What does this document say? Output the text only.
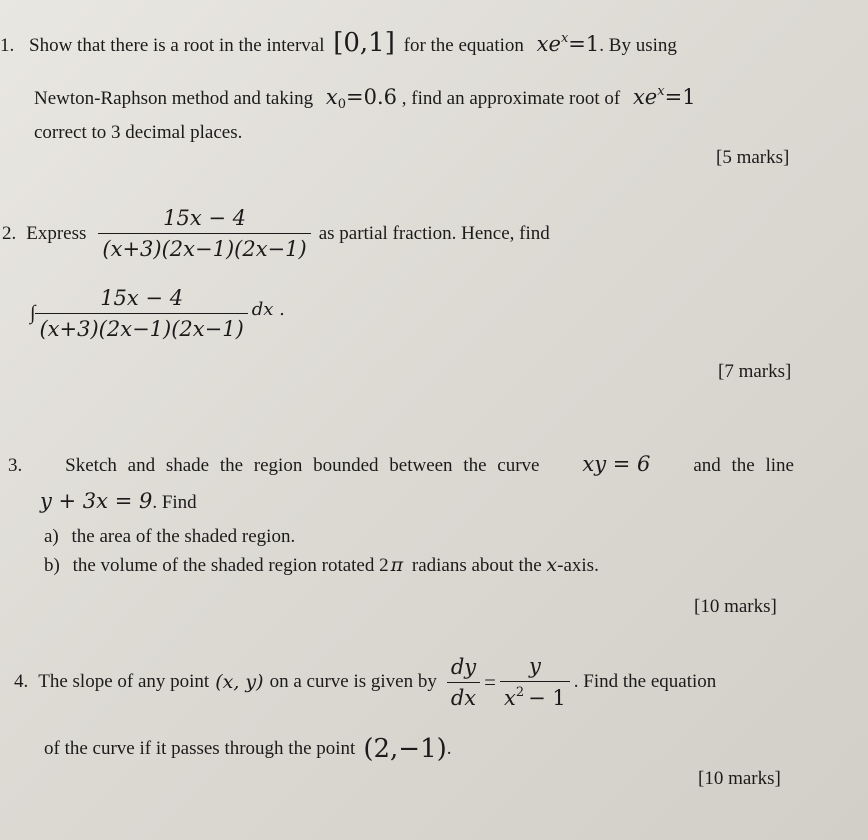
1. Show that there is a root in the interval [0,1] for the equation $xe^x=1$. By using
Newton-Raphson method and taking $x_0=0.6$ , find an approximate root of $xe^x=1$
correct to 3 decimal places.
[5 marks]
2. Express $\frac{15x - 4}{(x+3)(2x-1)(2x-1)}$ as partial fraction. Hence, find
∫ $\frac{15x - 4}{(x+3)(2x-1)(2x-1)}$ dx .
[7 marks]
3. Sketch and shade the region bounded between the curve xy = 6 and the line
y + 3x = 9. Find
a) the area of the shaded region.
b) the volume of the shaded region rotated 2 π radians about the x-axis.
[10 marks]
4. The slope of any point (x, y) on a curve is given by $\frac{dy}{dx} = \frac{y}{x^2 - 1}$ . Find the equation
of the curve if it passes through the point (2,−1) .
[10 marks]
